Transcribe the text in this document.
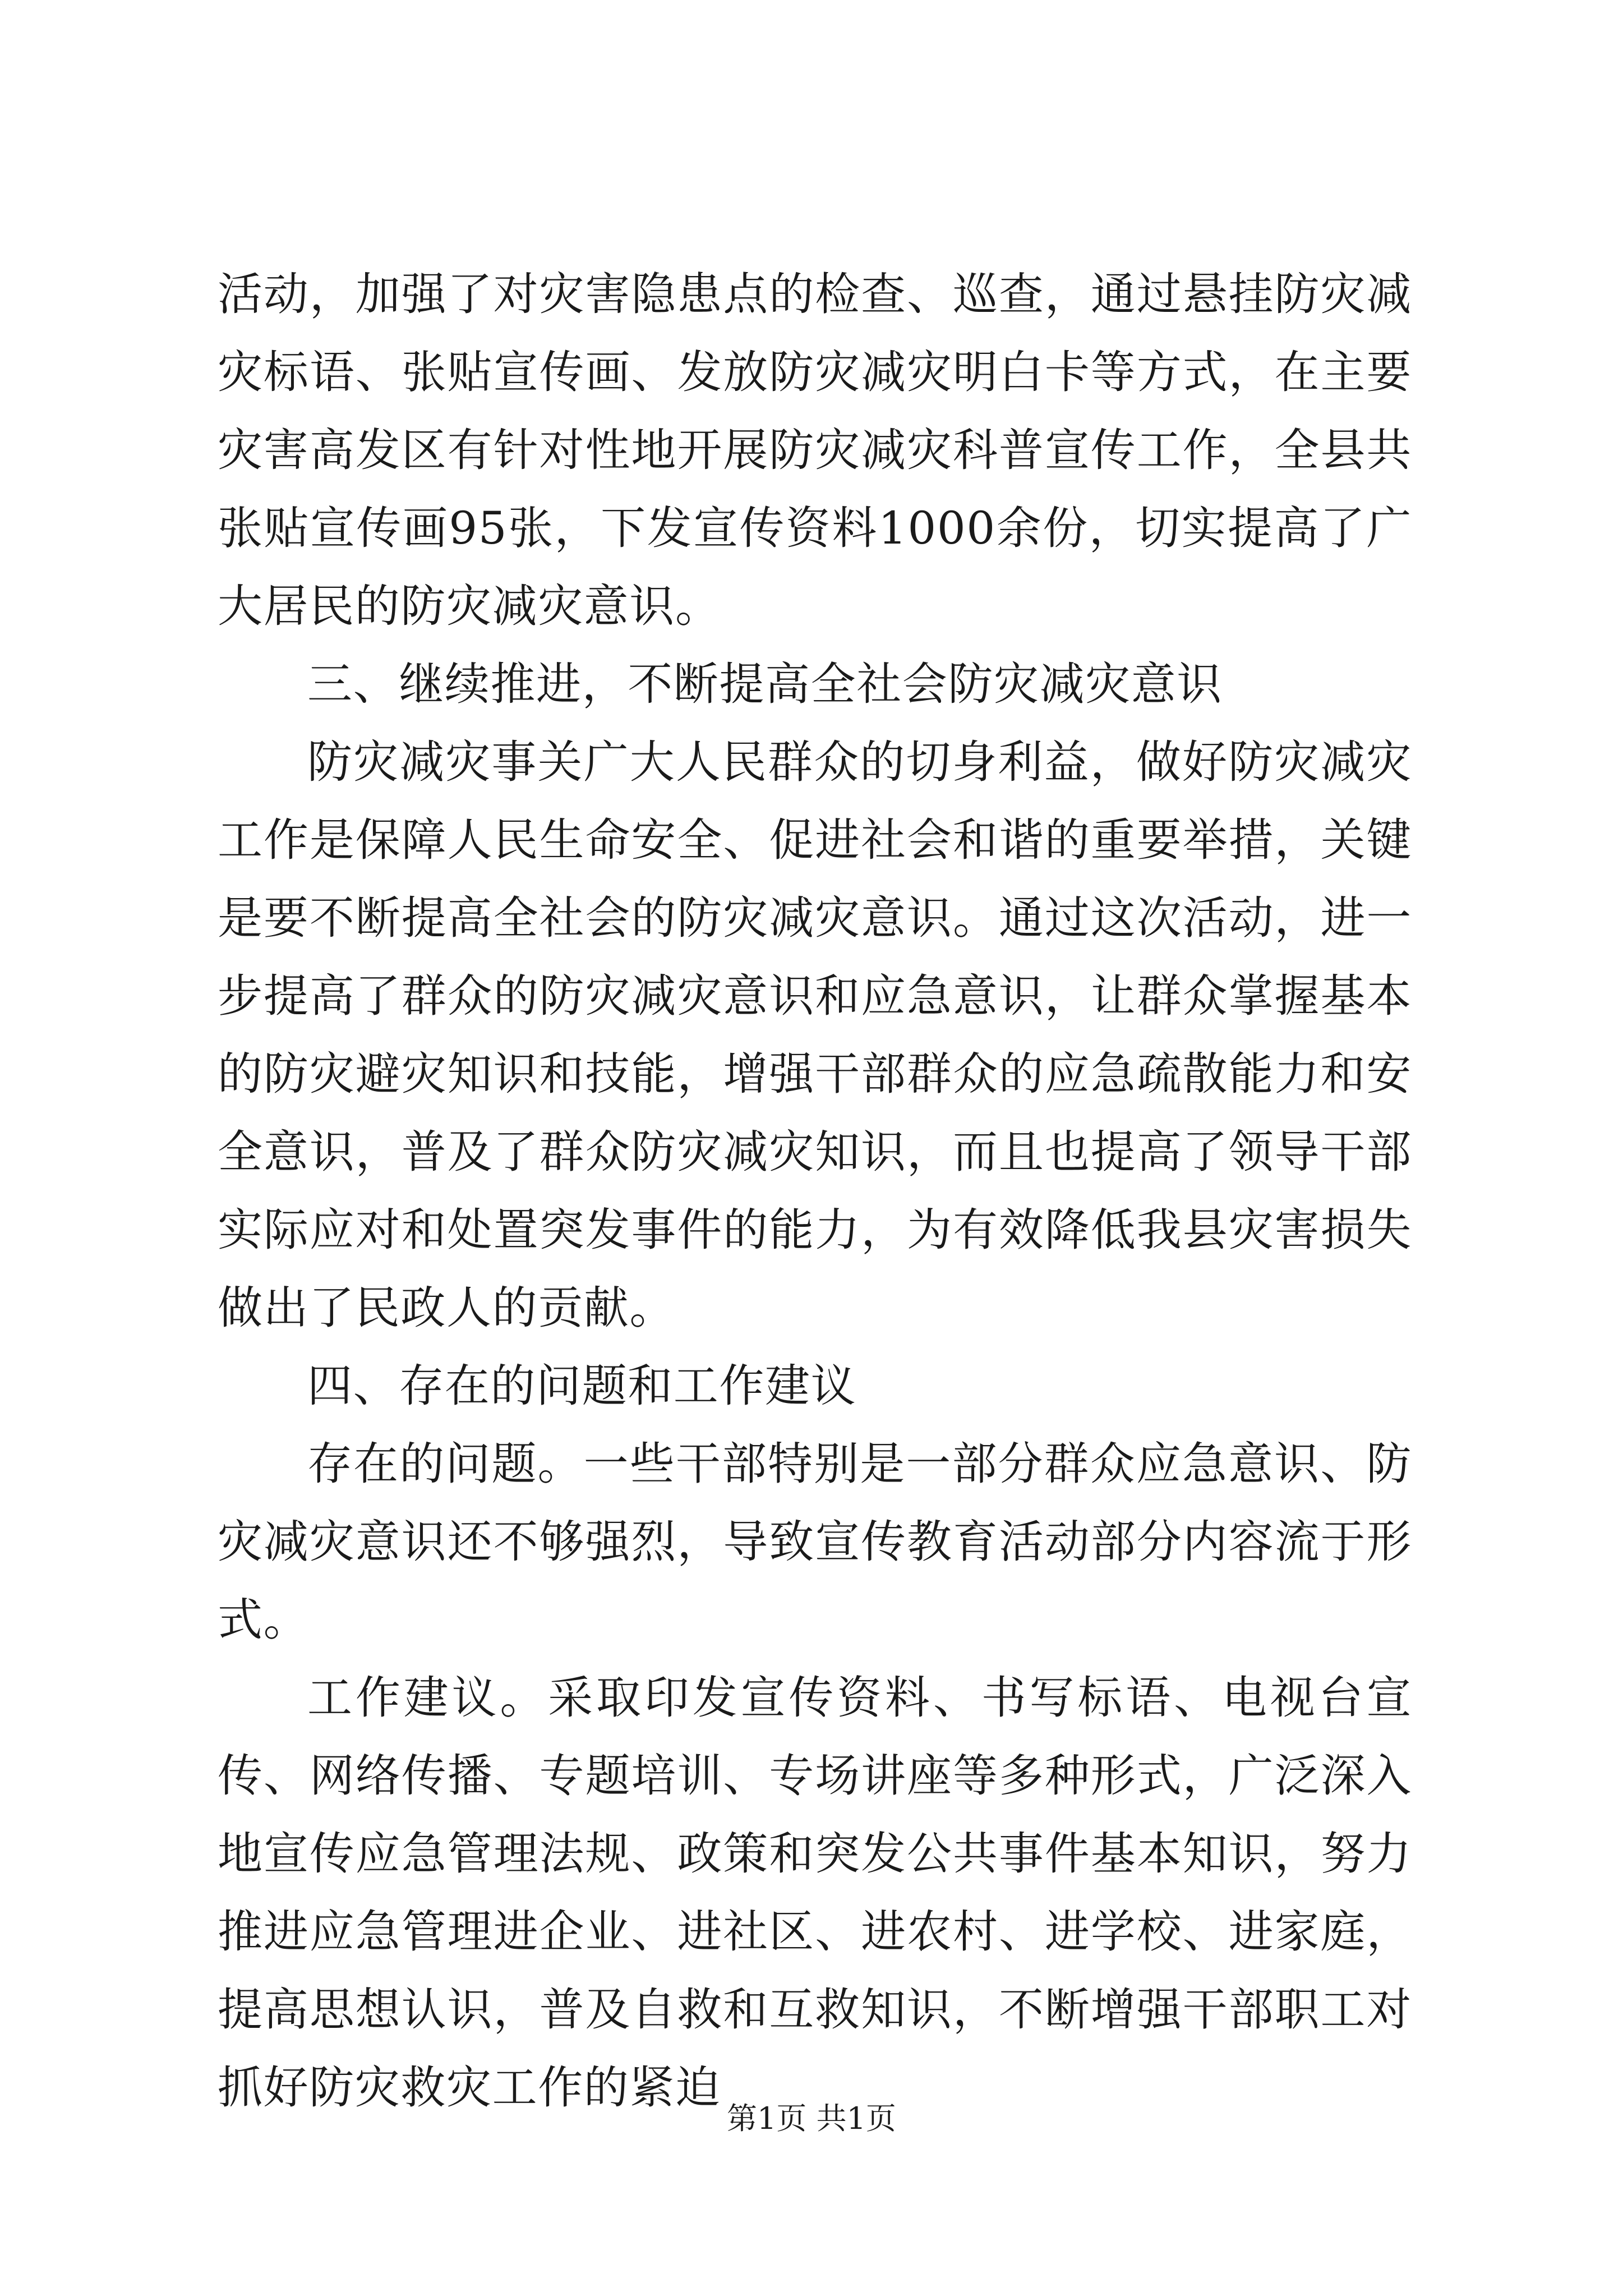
活动，加强了对灾害隐患点的检查、巡查，通过悬挂防灾减灾标语、张贴宣传画、发放防灾减灾明白卡等方式，在主要灾害高发区有针对性地开展防灾减灾科普宣传工作，全县共张贴宣传画95张，下发宣传资料1000余份，切实提高了广大居民的防灾减灾意识。

三、继续推进，不断提高全社会防灾减灾意识

防灾减灾事关广大人民群众的切身利益，做好防灾减灾工作是保障人民生命安全、促进社会和谐的重要举措，关键是要不断提高全社会的防灾减灾意识。通过这次活动，进一步提高了群众的防灾减灾意识和应急意识，让群众掌握基本的防灾避灾知识和技能，增强干部群众的应急疏散能力和安全意识，普及了群众防灾减灾知识，而且也提高了领导干部实际应对和处置突发事件的能力，为有效降低我县灾害损失做出了民政人的贡献。

四、存在的问题和工作建议

存在的问题。一些干部特别是一部分群众应急意识、防灾减灾意识还不够强烈，导致宣传教育活动部分内容流于形式。

工作建议。采取印发宣传资料、书写标语、电视台宣传、网络传播、专题培训、专场讲座等多种形式，广泛深入地宣传应急管理法规、政策和突发公共事件基本知识，努力推进应急管理进企业、进社区、进农村、进学校、进家庭，提高思想认识，普及自救和互救知识，不断增强干部职工对抓好防灾救灾工作的紧迫

第1页 共1页
